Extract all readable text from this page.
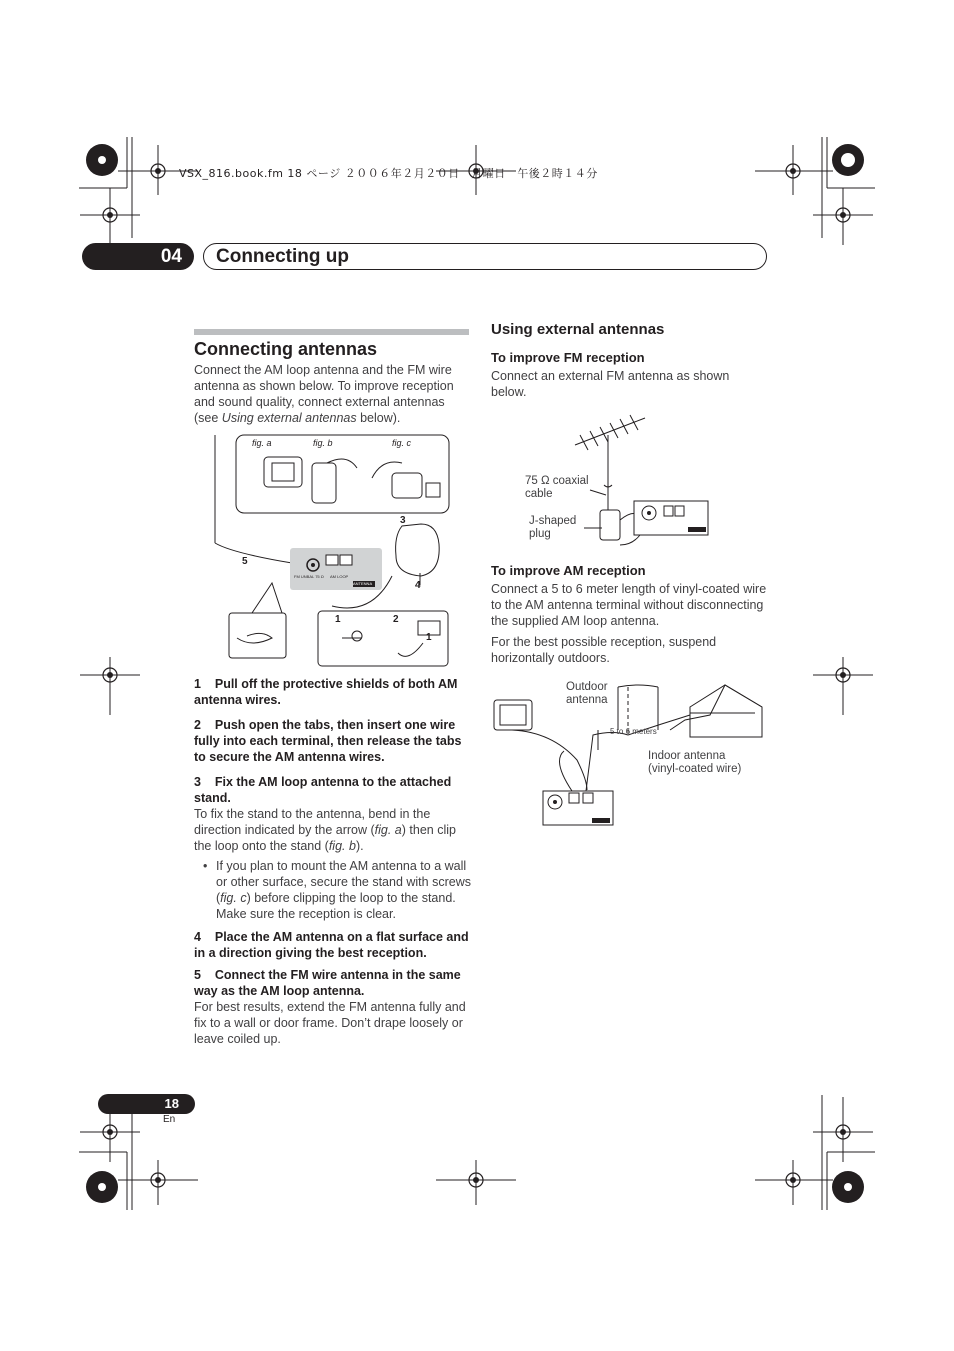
VSX_816.book.fm 18 ページ ２００６年２月２０日　月曜日　午後２時１４分
04	Connecting up
Connecting antennas

Connect the AM loop antenna and the FM wire antenna as shown below. To improve reception and sound quality, connect external antennas (see Using external antennas below).

fig. a	fig. b	fig. c
3
4
5
1	2
1
FM UNBAL 75 Ω AM LOOP
ANTENNA

1 Pull off the protective shields of both AM antenna wires.

2 Push open the tabs, then insert one wire fully into each terminal, then release the tabs to secure the AM antenna wires.

3 Fix the AM loop antenna to the attached stand.

To fix the stand to the antenna, bend in the direction indicated by the arrow (fig. a) then clip the loop onto the stand (fig. b).
• If you plan to mount the AM antenna to a wall or other surface, secure the stand with screws (fig. c) before clipping the loop to the stand. Make sure the reception is clear.

4 Place the AM antenna on a flat surface and in a direction giving the best reception.

5 Connect the FM wire antenna in the same way as the AM loop antenna.

For best results, extend the FM antenna fully and fix to a wall or door frame. Don’t drape loosely or leave coiled up.
Using external antennas
To improve FM reception
Connect an external FM antenna as shown below.
75 Ω coaxial
cable
J-shaped
plug
To improve AM reception
Connect a 5 to 6 meter length of vinyl-coated wire to the AM antenna terminal without disconnecting the supplied AM loop antenna.
For the best possible reception, suspend horizontally outdoors.
Outdoor
antenna
5 to 6 meters
Indoor antenna
(vinyl-coated wire)
18
En
